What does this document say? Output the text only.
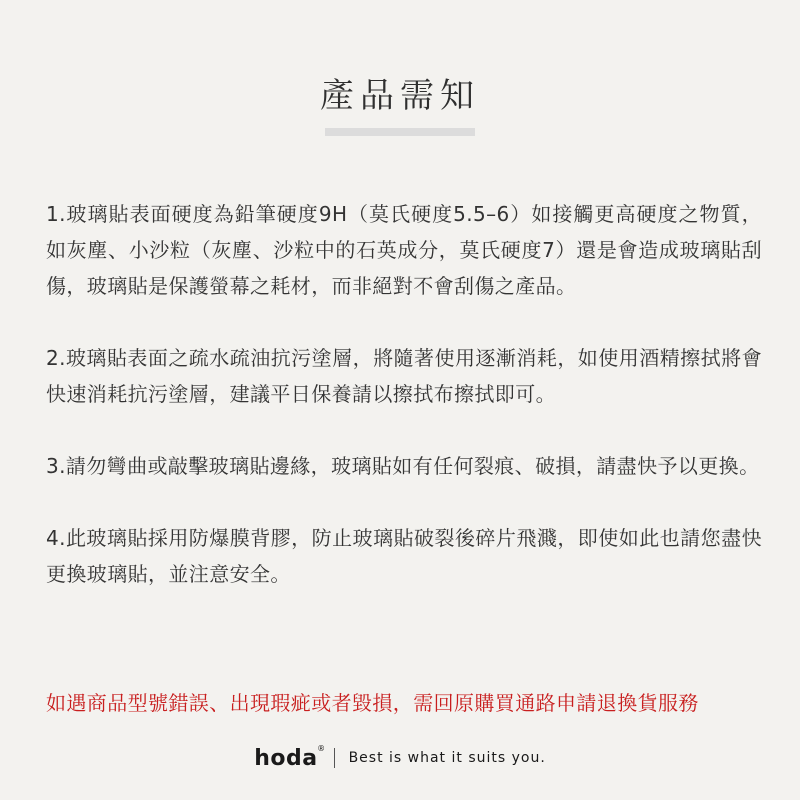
產品需知

1.玻璃貼表面硬度為鉛筆硬度9H（莫氏硬度5.5–6）如接觸更高硬度之物質，如灰塵、小沙粒（灰塵、沙粒中的石英成分，莫氏硬度7）還是會造成玻璃貼刮傷，玻璃貼是保護螢幕之耗材，而非絕對不會刮傷之產品。

2.玻璃貼表面之疏水疏油抗污塗層，將隨著使用逐漸消耗，如使用酒精擦拭將會快速消耗抗污塗層，建議平日保養請以擦拭布擦拭即可。

3.請勿彎曲或敲擊玻璃貼邊緣，玻璃貼如有任何裂痕、破損，請盡快予以更換。

4.此玻璃貼採用防爆膜背膠，防止玻璃貼破裂後碎片飛濺，即使如此也請您盡快更換玻璃貼，並注意安全。

如遇商品型號錯誤、出現瑕疵或者毀損，需回原購買通路申請退換貨服務
hoda ®
Best is what it suits you.
